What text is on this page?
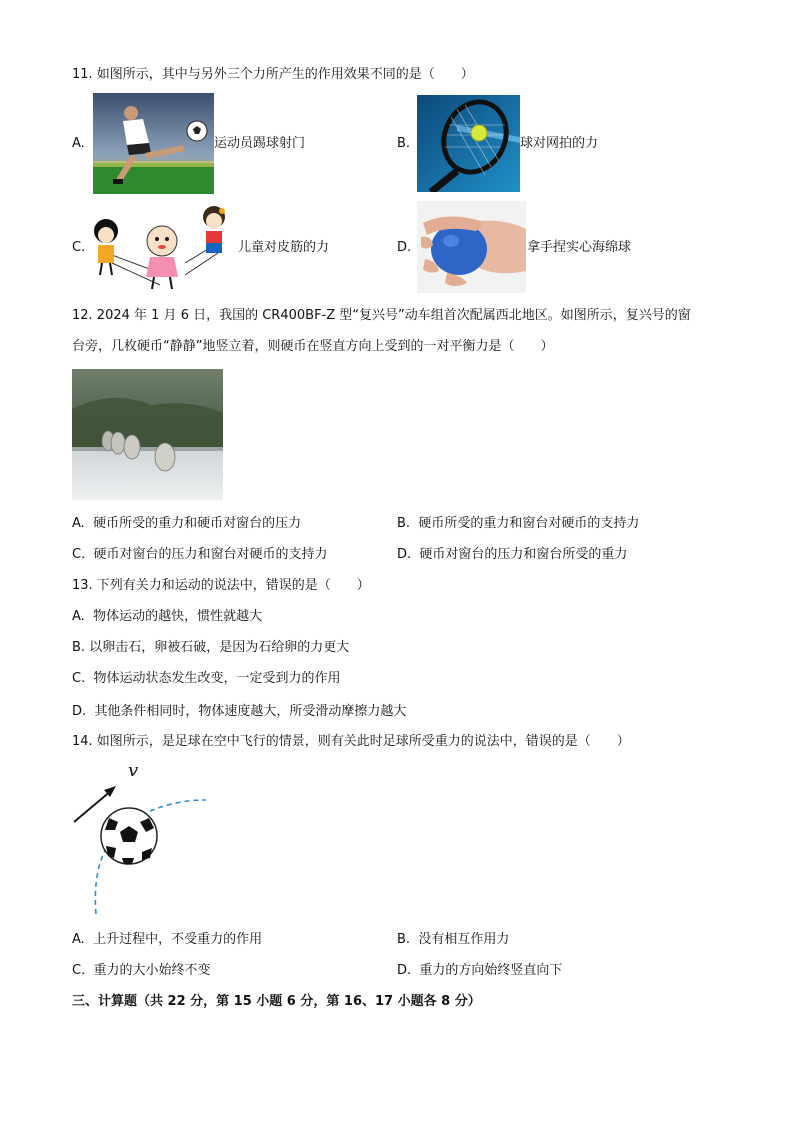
11. 如图所示，其中与另外三个力所产生的作用效果不同的是（　　）
A.	运动员踢球射门	B.	球对网拍的力
C.	儿童对皮筋的力	D.	拿手捏实心海绵球
12. 2024 年 1 月 6 日，我国的 CR400BF-Z 型“复兴号”动车组首次配属西北地区。如图所示，复兴号的窗
台旁，几枚硬币“静静”地竖立着，则硬币在竖直方向上受到的一对平衡力是（　　）
A. 硬币所受的重力和硬币对窗台的压力	B. 硬币所受的重力和窗台对硬币的支持力
C. 硬币对窗台的压力和窗台对硬币的支持力	D. 硬币对窗台的压力和窗台所受的重力
13. 下列有关力和运动的说法中，错误的是（　　）
A. 物体运动的越快，惯性就越大
B. 以卵击石，卵被石破，是因为石给卵的力更大
C. 物体运动状态发生改变，一定受到力的作用
D. 其他条件相同时，物体速度越大，所受滑动摩擦力越大
14. 如图所示，是足球在空中飞行的情景，则有关此时足球所受重力的说法中，错误的是（　　）
v
A. 上升过程中，不受重力的作用	B. 没有相互作用力
C. 重力的大小始终不变	D. 重力的方向始终竖直向下
三、计算题（共 22 分，第 15 小题 6 分，第 16、17 小题各 8 分）
